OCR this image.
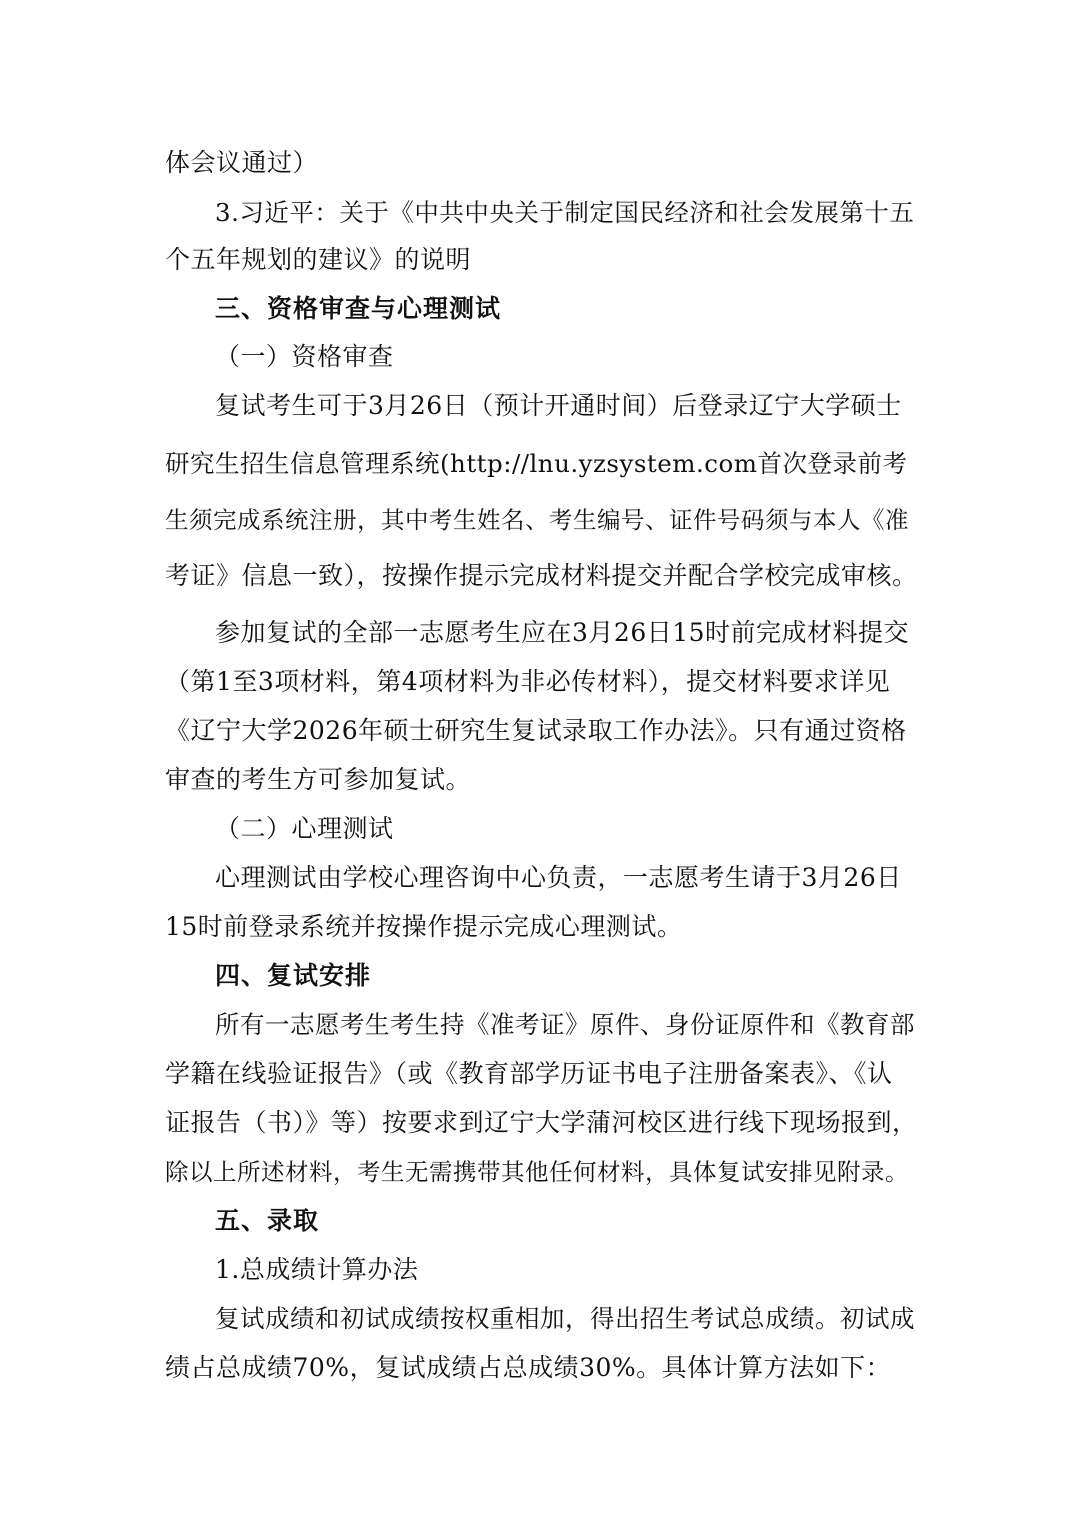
体会议通过）
3.习近平：关于《中共中央关于制定国民经济和社会发展第十五
个五年规划的建议》的说明
三、资格审查与心理测试
（一）资格审查
复试考生可于3月26日（预计开通时间）后登录辽宁大学硕士
研究生招生信息管理系统(http://lnu.yzsystem.com首次登录前考
生须完成系统注册，其中考生姓名、考生编号、证件号码须与本人《准
考证》信息一致），按操作提示完成材料提交并配合学校完成审核。
参加复试的全部一志愿考生应在3月26日15时前完成材料提交
（第1至3项材料，第4项材料为非必传材料），提交材料要求详见
《辽宁大学2026年硕士研究生复试录取工作办法》。只有通过资格
审查的考生方可参加复试。
（二）心理测试
心理测试由学校心理咨询中心负责，一志愿考生请于3月26日
15时前登录系统并按操作提示完成心理测试。
四、复试安排
所有一志愿考生考生持《准考证》原件、身份证原件和《教育部
学籍在线验证报告》（或《教育部学历证书电子注册备案表》、《认
证报告（书）》等）按要求到辽宁大学蒲河校区进行线下现场报到，
除以上所述材料，考生无需携带其他任何材料，具体复试安排见附录。
五、录取
1.总成绩计算办法
复试成绩和初试成绩按权重相加，得出招生考试总成绩。初试成
绩占总成绩70%，复试成绩占总成绩30%。具体计算方法如下：
